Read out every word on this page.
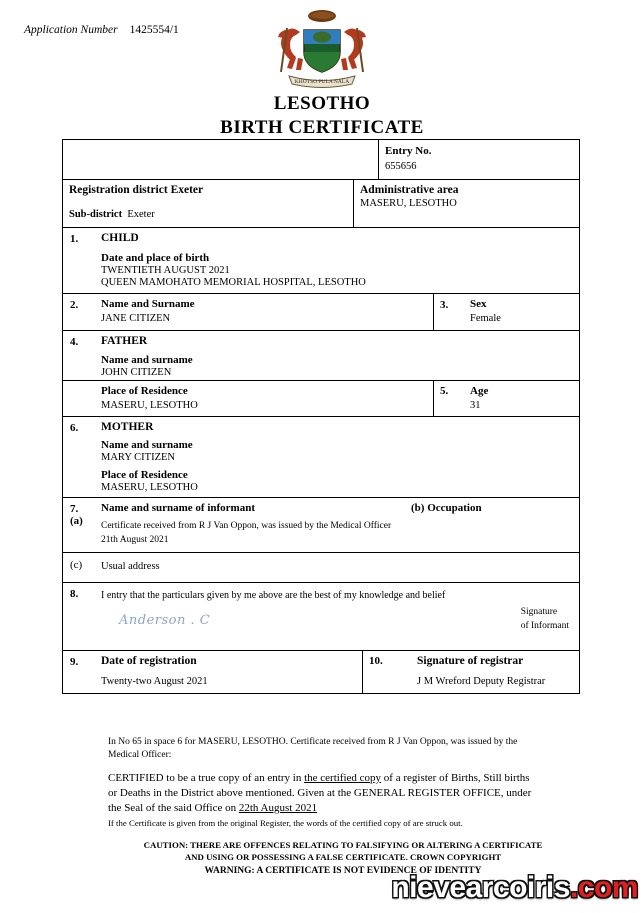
Application Number 1425554/1
KHOTSO PULA NALA
LESOTHO
BIRTH CERTIFICATE
Entry No.
655656
Registration district Exeter
Sub-district Exeter
Administrative area
MASERU, LESOTHO
1.	CHILD
Date and place of birth
TWENTIETH AUGUST 2021
QUEEN MAMOHATO MEMORIAL HOSPITAL, LESOTHO
2.	Name and Surname
JANE CITIZEN
3.	Sex
Female
4.	FATHER
Name and surname
JOHN CITIZEN

Place of Residence
MASERU, LESOTHO
5.	Age
31
6.	MOTHER
Name and surname
MARY CITIZEN
Place of Residence
MASERU, LESOTHO
7. (a)
Name and surname of informant	(b) Occupation
Certificate received from R J Van Oppon, was issued by the Medical Officer
21th August 2021
(c)	Usual address
8.	I entry that the particulars given by me above are the best of my knowledge and belief
Anderson . C
Signature
of Informant
9.	Date of registration
Twenty-two August 2021
10.	Signature of registrar
J M Wreford Deputy Registrar
In No 65 in space 6 for MASERU, LESOTHO. Certificate received from R J Van Oppon, was issued by the
Medical Officer:
CERTIFIED to be a true copy of an entry in the certified copy of a register of Births, Still births
or Deaths in the District above mentioned. Given at the GENERAL REGISTER OFFICE, under
the Seal of the said Office on 22th August 2021
If the Certificate is given from the original Register, the words of the certified copy of are struck out.
CAUTION: THERE ARE OFFENCES RELATING TO FALSIFYING OR ALTERING A CERTIFICATE
AND USING OR POSSESSING A FALSE CERTIFICATE. CROWN COPYRIGHT
WARNING: A CERTIFICATE IS NOT EVIDENCE OF IDENTITY
nievearcoiris.com
